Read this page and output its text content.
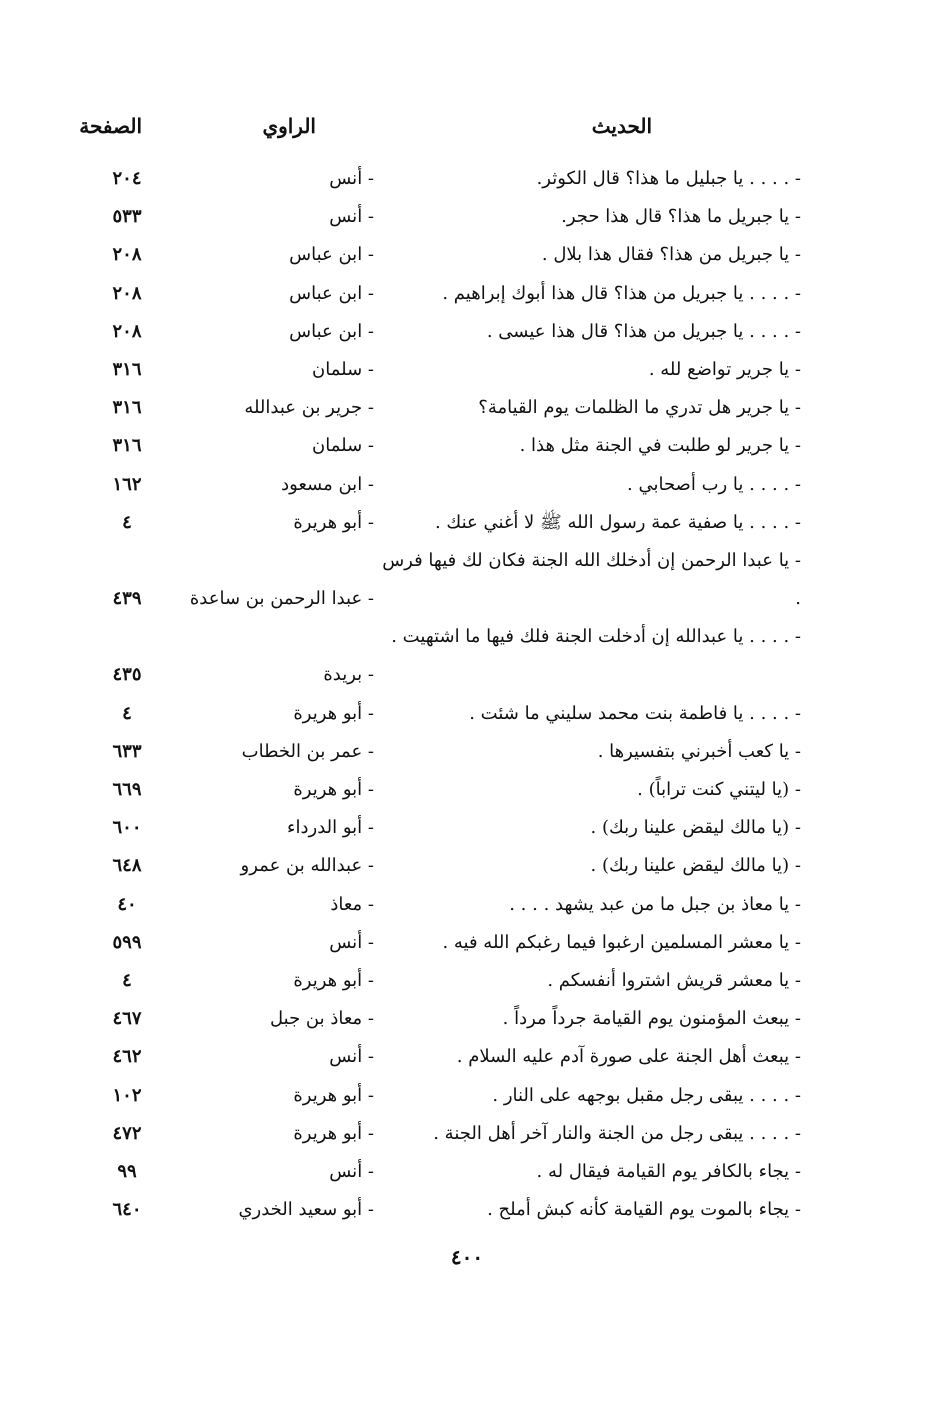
الحديث
الراوي
الصفحة
- . . . . يا جبليل ما هذا؟ قال الكوثر.
- أنس
٢٠٤
- يا جبريل ما هذا؟ قال هذا حجر.
- أنس
٥٣٣
- يا جبريل من هذا؟ فقال هذا بلال .
- ابن عباس
٢٠٨
- . . . . يا جبريل من هذا؟ قال هذا أبوك إبراهيم .
- ابن عباس
٢٠٨
- . . . . يا جبريل من هذا؟ قال هذا عيسى .
- ابن عباس
٢٠٨
- يا جرير تواضع لله .
- سلمان
٣١٦
- يا جرير هل تدري ما الظلمات يوم القيامة؟
- جرير بن عبدالله
٣١٦
- يا جرير لو طلبت في الجنة مثل هذا .
- سلمان
٣١٦
- . . . . يا رب أصحابي .
- ابن مسعود
١٦٢
- . . . . يا صفية عمة رسول الله ﷺ لا أغني عنك .
- أبو هريرة
٤
- يا عبدا الرحمن إن أدخلك الله الجنة فكان لك فيها فرس .
- عبدا الرحمن بن ساعدة
٤٣٩
- . . . . يا عبدالله إن أدخلت الجنة فلك فيها ما اشتهيت .
- بريدة
٤٣٥
- . . . . يا فاطمة بنت محمد سليني ما شئت .
- أبو هريرة
٤
- يا كعب أخبرني بتفسيرها .
- عمر بن الخطاب
٦٣٣
- (يا ليتني كنت تراباً) .
- أبو هريرة
٦٦٩
- (يا مالك ليقض علينا ربك) .
- أبو الدرداء
٦٠٠
- (يا مالك ليقض علينا ربك) .
- عبدالله بن عمرو
٦٤٨
- يا معاذ بن جبل ما من عبد يشهد . . . .
- معاذ
٤٠
- يا معشر المسلمين ارغبوا فيما رغبكم الله فيه .
- أنس
٥٩٩
- يا معشر قريش اشتروا أنفسكم .
- أبو هريرة
٤
- يبعث المؤمنون يوم القيامة جرداً مرداً .
- معاذ بن جبل
٤٦٧
- يبعث أهل الجنة على صورة آدم عليه السلام .
- أنس
٤٦٢
- . . . . يبقى رجل مقبل بوجهه على النار .
- أبو هريرة
١٠٢
- . . . . يبقى رجل من الجنة والنار آخر أهل الجنة .
- أبو هريرة
٤٧٢
- يجاء بالكافر يوم القيامة فيقال له .
- أنس
٩٩
- يجاء بالموت يوم القيامة كأنه كبش أملح .
- أبو سعيد الخدري
٦٤٠
٤٠٠
